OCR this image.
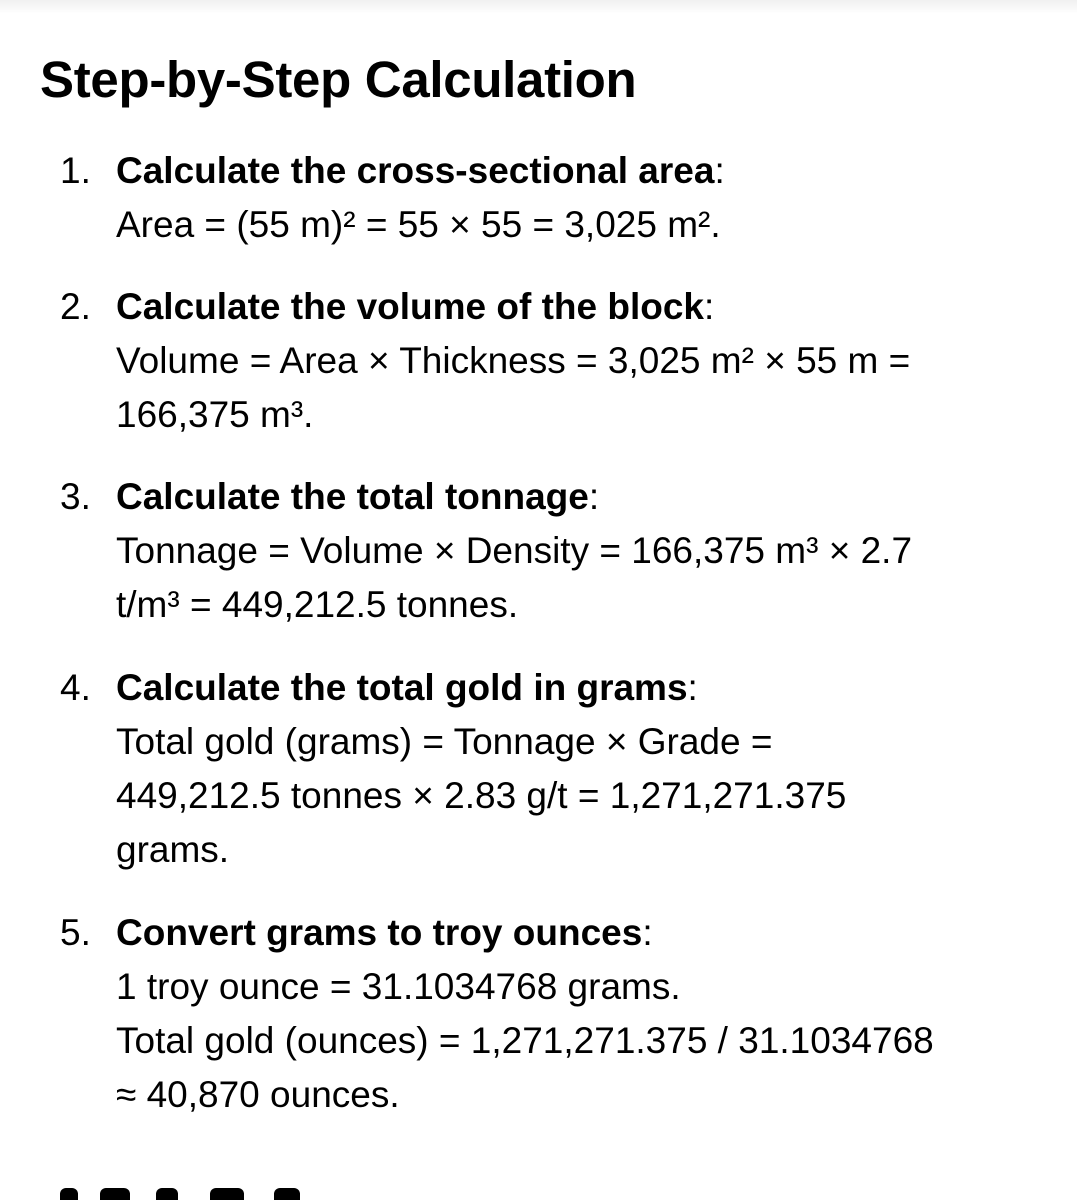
Step-by-Step Calculation
1. Calculate the cross-sectional area:
Area = (55 m)² = 55 × 55 = 3,025 m².
2. Calculate the volume of the block:
Volume = Area × Thickness = 3,025 m² × 55 m =
166,375 m³.
3. Calculate the total tonnage:
Tonnage = Volume × Density = 166,375 m³ × 2.7
t/m³ = 449,212.5 tonnes.
4. Calculate the total gold in grams:
Total gold (grams) = Tonnage × Grade =
449,212.5 tonnes × 2.83 g/t = 1,271,271.375
grams.
5. Convert grams to troy ounces:
1 troy ounce = 31.1034768 grams.
Total gold (ounces) = 1,271,271.375 / 31.1034768
≈ 40,870 ounces.
